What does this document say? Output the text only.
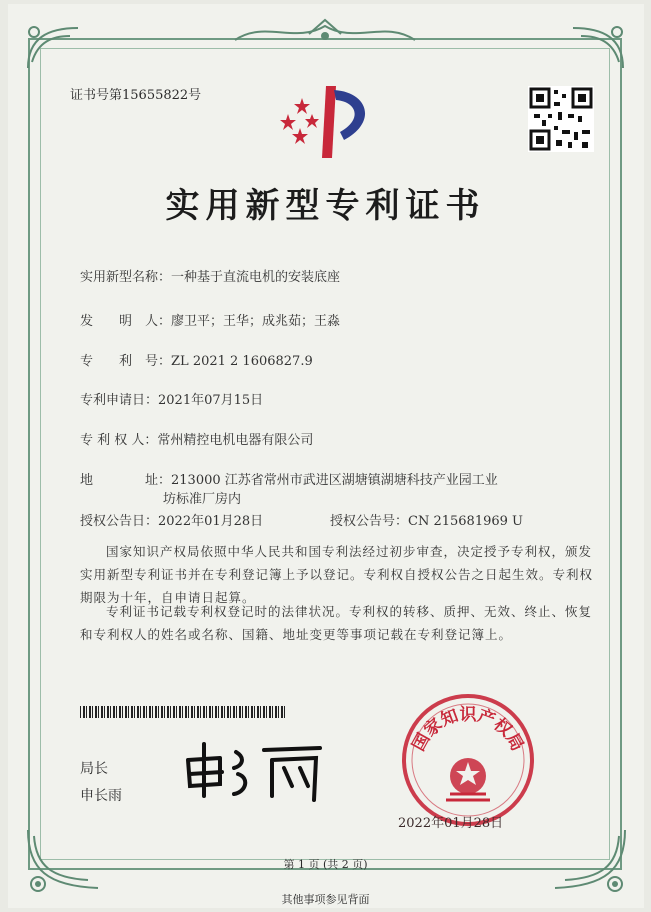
证书号第15655822号
实用新型专利证书
实用新型名称：一种基于直流电机的安装底座
发　　明　人：廖卫平；王华；成兆茹；王淼
专　　利　号：ZL 2021 2 1606827.9
专利申请日：2021年07月15日
专 利 权 人：常州精控电机电器有限公司
地　　　　址：213000 江苏省常州市武进区湖塘镇湖塘科技产业园工业
坊标准厂房内
授权公告日：2022年01月28日	授权公告号：CN 215681969 U
国家知识产权局依照中华人民共和国专利法经过初步审查，决定授予专利权，颁发实用新型专利证书并在专利登记簿上予以登记。专利权自授权公告之日起生效。专利权期限为十年，自申请日起算。
专利证书记载专利权登记时的法律状况。专利权的转移、质押、无效、终止、恢复和专利权人的姓名或名称、国籍、地址变更等事项记载在专利登记簿上。
局长
申长雨
国家知识产权局
2022年01月28日
第 1 页 (共 2 页)
其他事项参见背面
